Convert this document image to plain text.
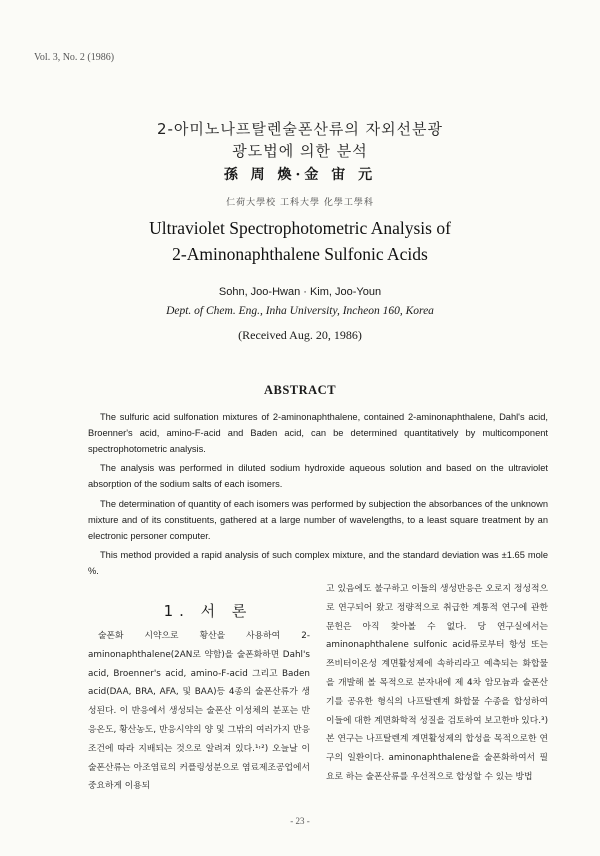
Vol. 3, No. 2 (1986)
2-아미노나프탈렌술폰산류의 자외선분광
광도법에 의한 분석
孫 周 煥·金 宙 元
仁荷大學校 工科大學 化學工學科
Ultraviolet Spectrophotometric Analysis of
2-Aminonaphthalene Sulfonic Acids
Sohn, Joo-Hwan · Kim, Joo-Youn
Dept. of Chem. Eng., Inha University, Incheon 160, Korea
(Received Aug. 20, 1986)
ABSTRACT

The sulfuric acid sulfonation mixtures of 2-aminonaphthalene, contained 2-aminonaphthalene, Dahl's acid, Broenner's acid, amino-F-acid and Baden acid, can be determined quantitatively by multicomponent spectrophotometric analysis.

The analysis was performed in diluted sodium hydroxide aqueous solution and based on the ultraviolet absorption of the sodium salts of each isomers.

The determination of quantity of each isomers was performed by subjection the absorbances of the unknown mixture and of its constituents, gathered at a large number of wavelengths, to a least square treatment by an electronic personer computer.

This method provided a rapid analysis of such complex mixture, and the standard deviation was ±1.65 mole %.

1. 서 론

술폰화 시약으로 황산을 사용하여 2-aminonaphthalene(2AN로 약함)을 술폰화하면 Dahl's acid, Broenner's acid, amino-F-acid 그리고 Baden acid(DAA, BRA, AFA, 및 BAA)등 4종의 술폰산류가 생성된다. 이 반응에서 생성되는 술폰산 이성체의 분포는 반응온도, 황산농도, 반응시약의 양 및 그밖의 여러가지 반응조건에 따라 지배되는 것으로 알려져 있다.¹˒²) 오늘날 이 술폰산류는 아조염료의 커플링성분으로 염료제조공업에서 중요하게 이용되

고 있음에도 불구하고 이들의 생성반응은 오로지 정성적으로 연구되어 왔고 정량적으로 취급한 계통적 연구에 관한 문헌은 아직 찾아볼 수 없다. 당 연구실에서는 aminonaphthalene sulfonic acid류로부터 항성 또는 쯔비터이온성 계면활성제에 속하리라고 예측되는 화합물을 개발해 볼 목적으로 분자내에 제 4차 암모늄과 술폰산기를 공유한 형식의 나프탈렌계 화합물 수종을 합성하여 이들에 대한 계면화학적 성질을 검토하여 보고한바 있다.³) 본 연구는 나프탈렌계 계면활성제의 합성을 목적으로한 연구의 일환이다. aminonaphthalene을 술폰화하여서 필요로 하는 술폰산류를 우선적으로 합성할 수 있는 방법

- 23 -
